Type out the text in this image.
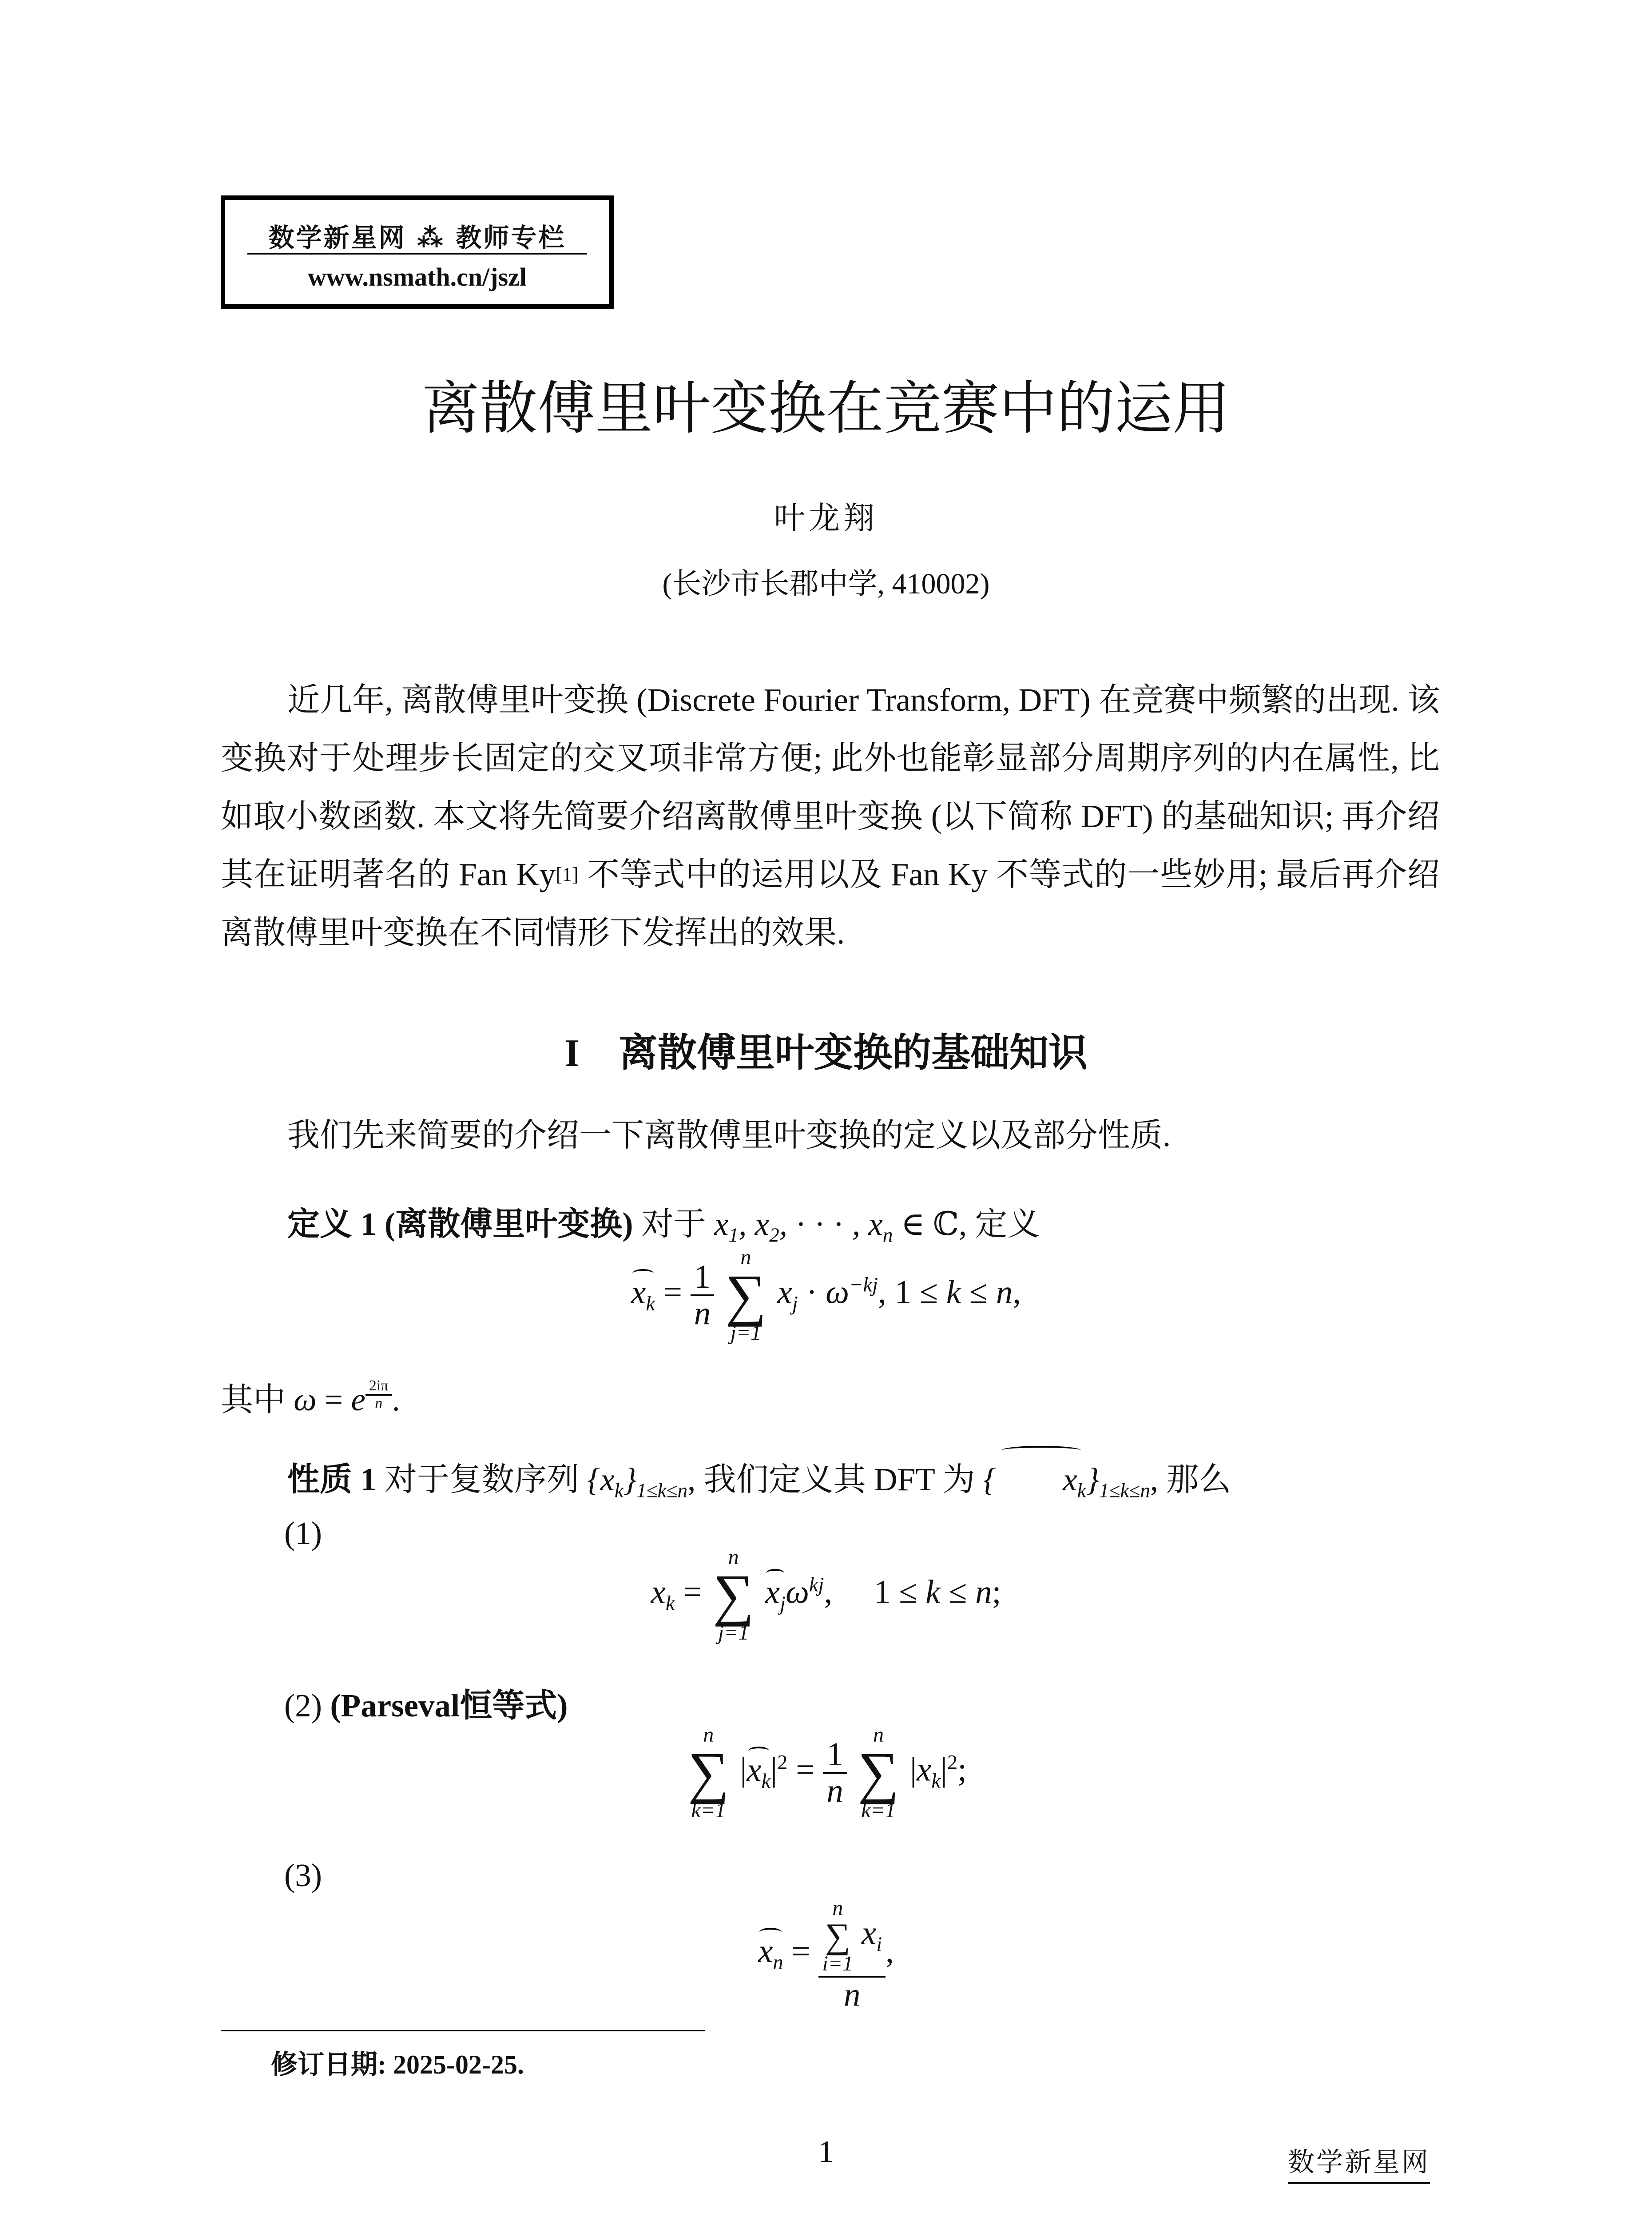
数学新星网 ⁂ 教师专栏
www.nsmath.cn/jszl
离散傅里叶变换在竞赛中的运用
叶龙翔
(长沙市长郡中学, 410002)

近几年, 离散傅里叶变换 (Discrete Fourier Transform, DFT) 在竞赛中频繁的出现. 该变换对于处理步长固定的交叉项非常方便; 此外也能彰显部分周期序列的内在属性, 比如取小数函数. 本文将先简要介绍离散傅里叶变换 (以下简称 DFT) 的基础知识; 再介绍其在证明著名的 Fan Ky[1] 不等式中的运用以及 Fan Ky 不等式的一些妙用; 最后再介绍离散傅里叶变换在不同情形下发挥出的效果.

I 离散傅里叶变换的基础知识

我们先来简要的介绍一下离散傅里叶变换的定义以及部分性质.

定义 1 (离散傅里叶变换) 对于 $x_1$, $x_2$, · · · , $x_n$ ∈ ℂ, 定义

$x_k = \frac{1}{n}$

n
∑
j=1
$x_j \cdot \omega^{-kj}$, 1 ≤ k ≤ n,

其中 ω = e $^{\frac{2i\pi}{n}}$ .

性质 1 对于复数序列 $\{x_k\}_{1\le k\le n}$, 我们定义其 DFT 为 { $x_k\}_{1\le k\le n}$, 那么

(1)
$x_k$ =
n
∑
j=1
$x_j\omega^{kj}$,     1 ≤ k ≤ n;
(2) (Parseval恒等式)
n
∑
k=1
$|x_k|^2 = \frac{1}{n}$

n
∑
k=1
$|x_k|^2$;
(3)
$x_n = n$
∑
i=1
$x_i$
n ,
修订日期: 2025-02-25.
1	数学新星网
